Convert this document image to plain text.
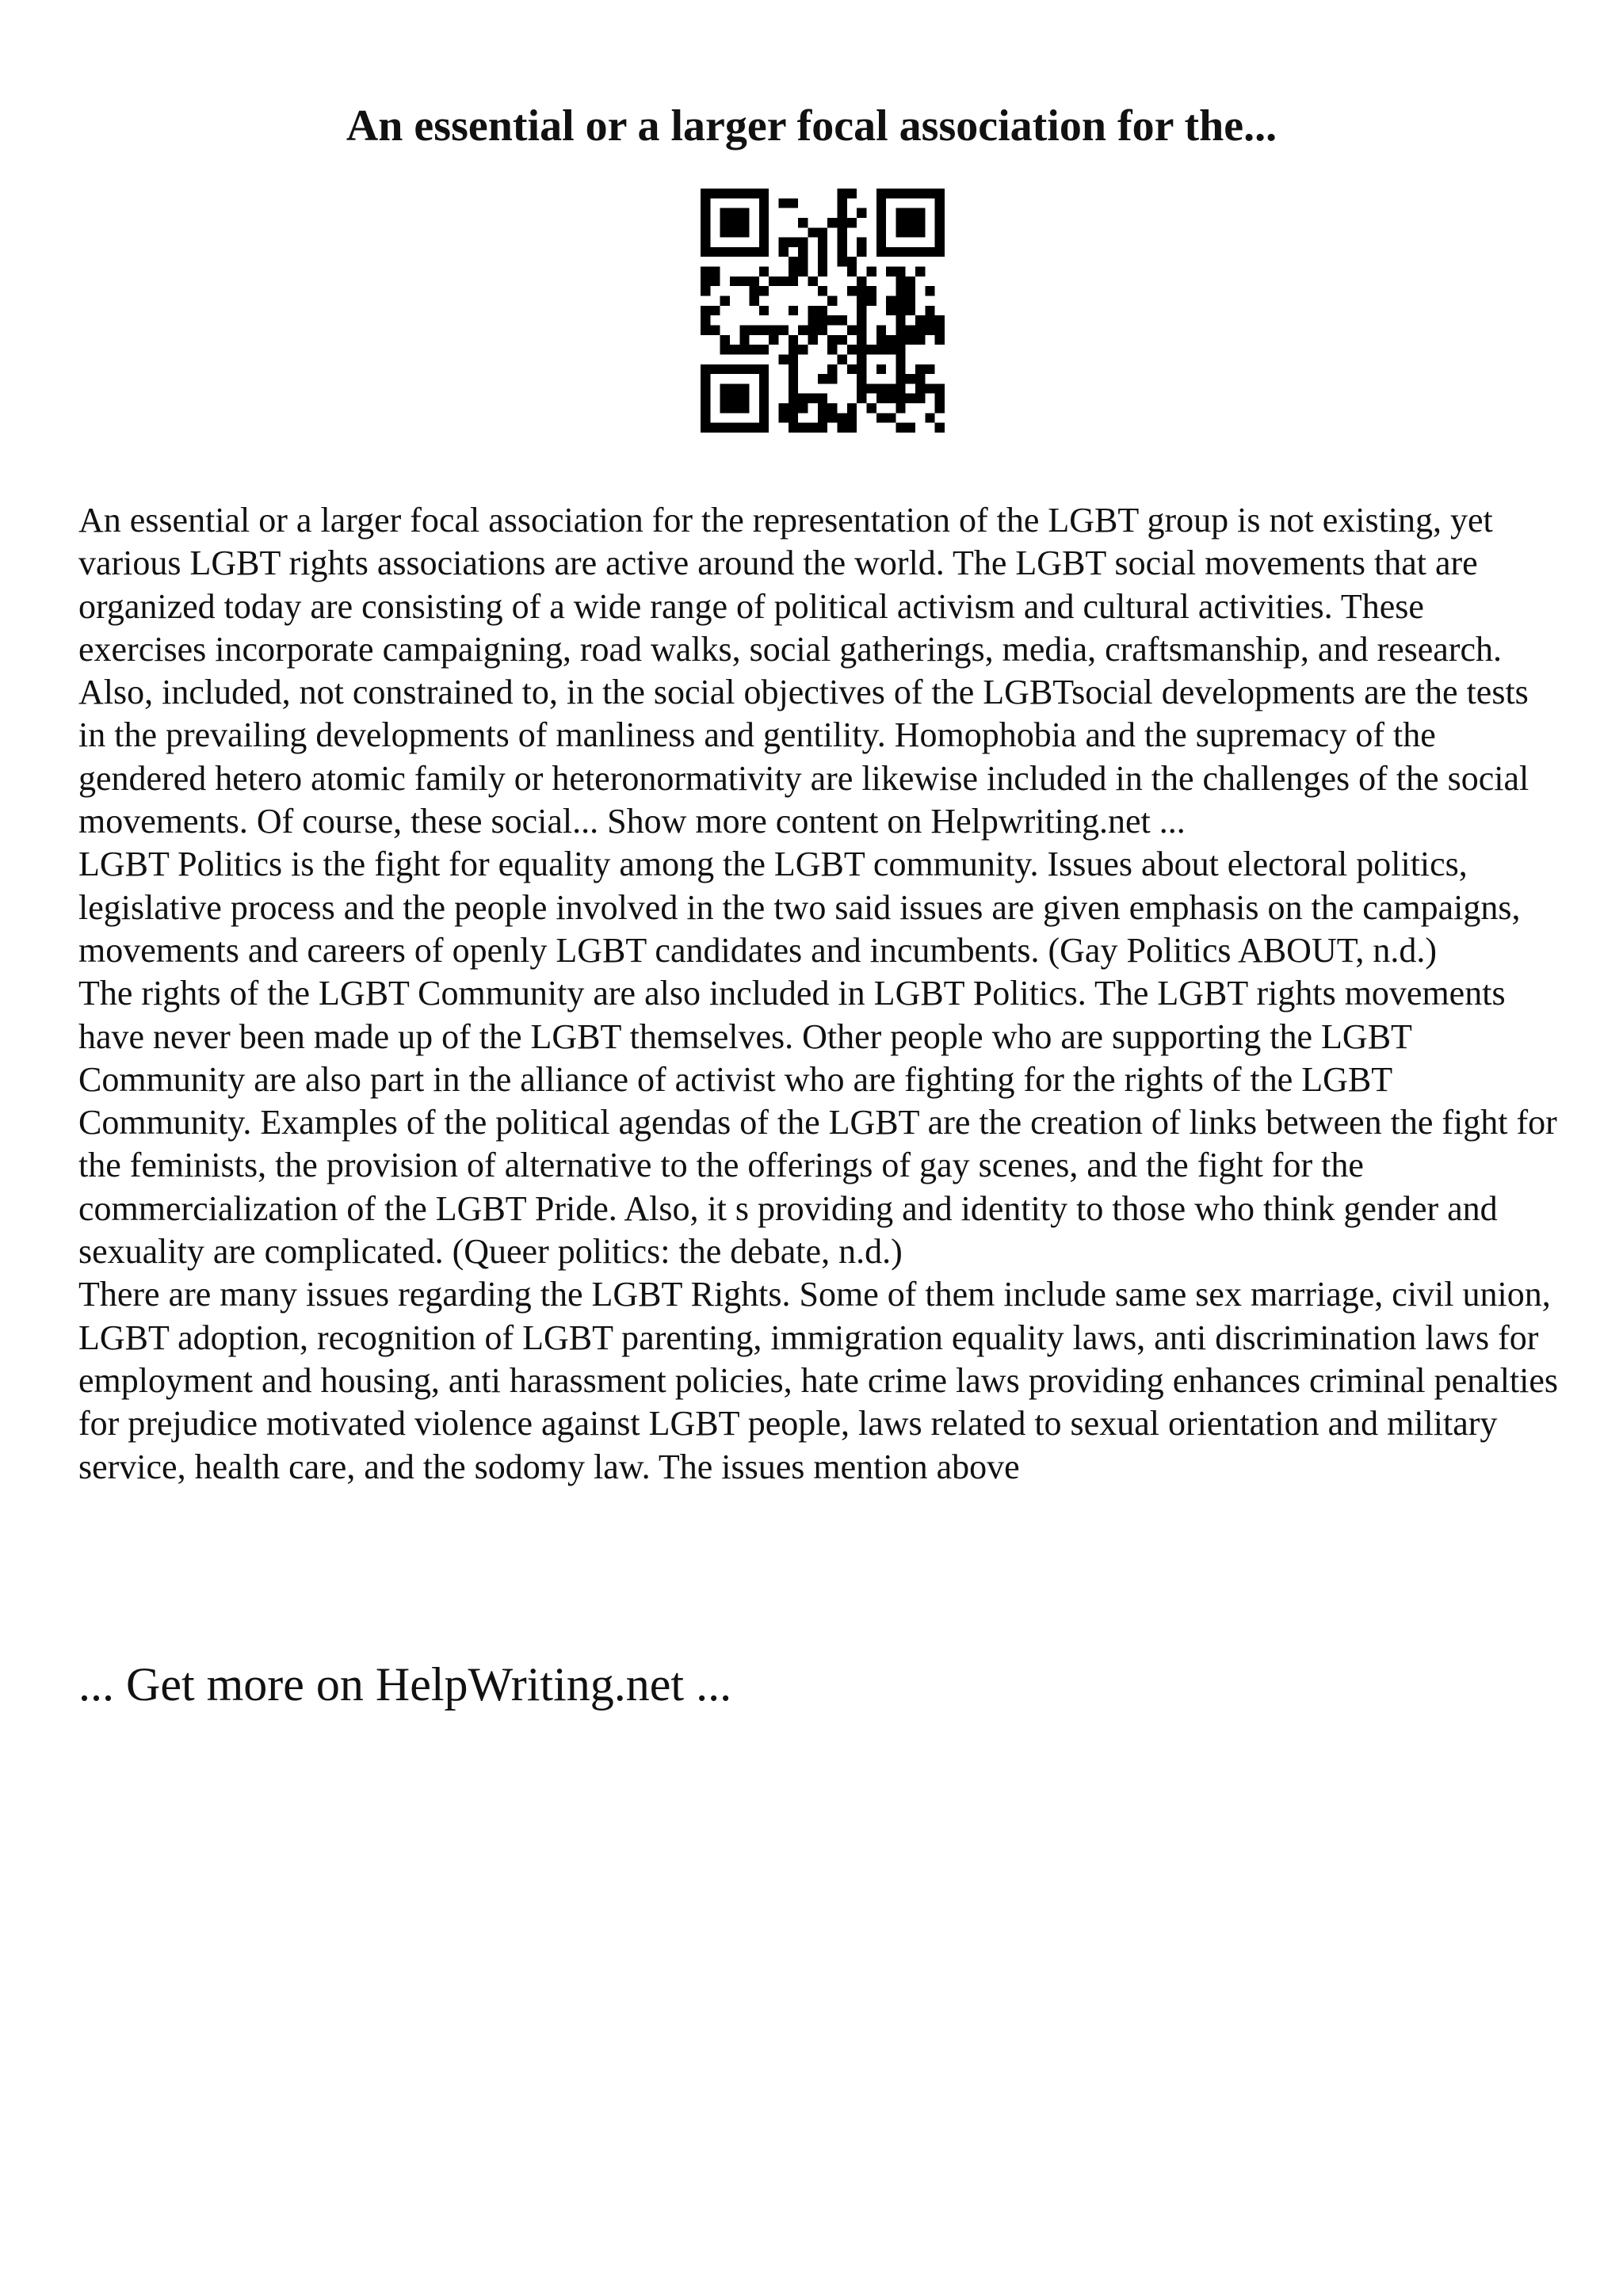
An essential or a larger focal association for the...

An essential or a larger focal association for the representation of the LGBT group is not existing, yet various LGBT rights associations are active around the world. The LGBT social movements that are organized today are consisting of a wide range of political activism and cultural activities. These exercises incorporate campaigning, road walks, social gatherings, media, craftsmanship, and research. Also, included, not constrained to, in the social objectives of the LGBTsocial developments are the tests in the prevailing developments of manliness and gentility. Homophobia and the supremacy of the gendered hetero atomic family or heteronormativity are likewise included in the challenges of the social movements. Of course, these social... Show more content on Helpwriting.net ...

LGBT Politics is the fight for equality among the LGBT community. Issues about electoral politics, legislative process and the people involved in the two said issues are given emphasis on the campaigns, movements and careers of openly LGBT candidates and incumbents. (Gay Politics ABOUT, n.d.)

The rights of the LGBT Community are also included in LGBT Politics. The LGBT rights movements have never been made up of the LGBT themselves. Other people who are supporting the LGBT Community are also part in the alliance of activist who are fighting for the rights of the LGBT Community. Examples of the political agendas of the LGBT are the creation of links between the fight for the feminists, the provision of alternative to the offerings of gay scenes, and the fight for the commercialization of the LGBT Pride. Also, it s providing and identity to those who think gender and sexuality are complicated. (Queer politics: the debate, n.d.)

There are many issues regarding the LGBT Rights. Some of them include same sex marriage, civil union, LGBT adoption, recognition of LGBT parenting, immigration equality laws, anti discrimination laws for employment and housing, anti harassment policies, hate crime laws providing enhances criminal penalties for prejudice motivated violence against LGBT people, laws related to sexual orientation and military service, health care, and the sodomy law. The issues mention above

... Get more on HelpWriting.net ...
